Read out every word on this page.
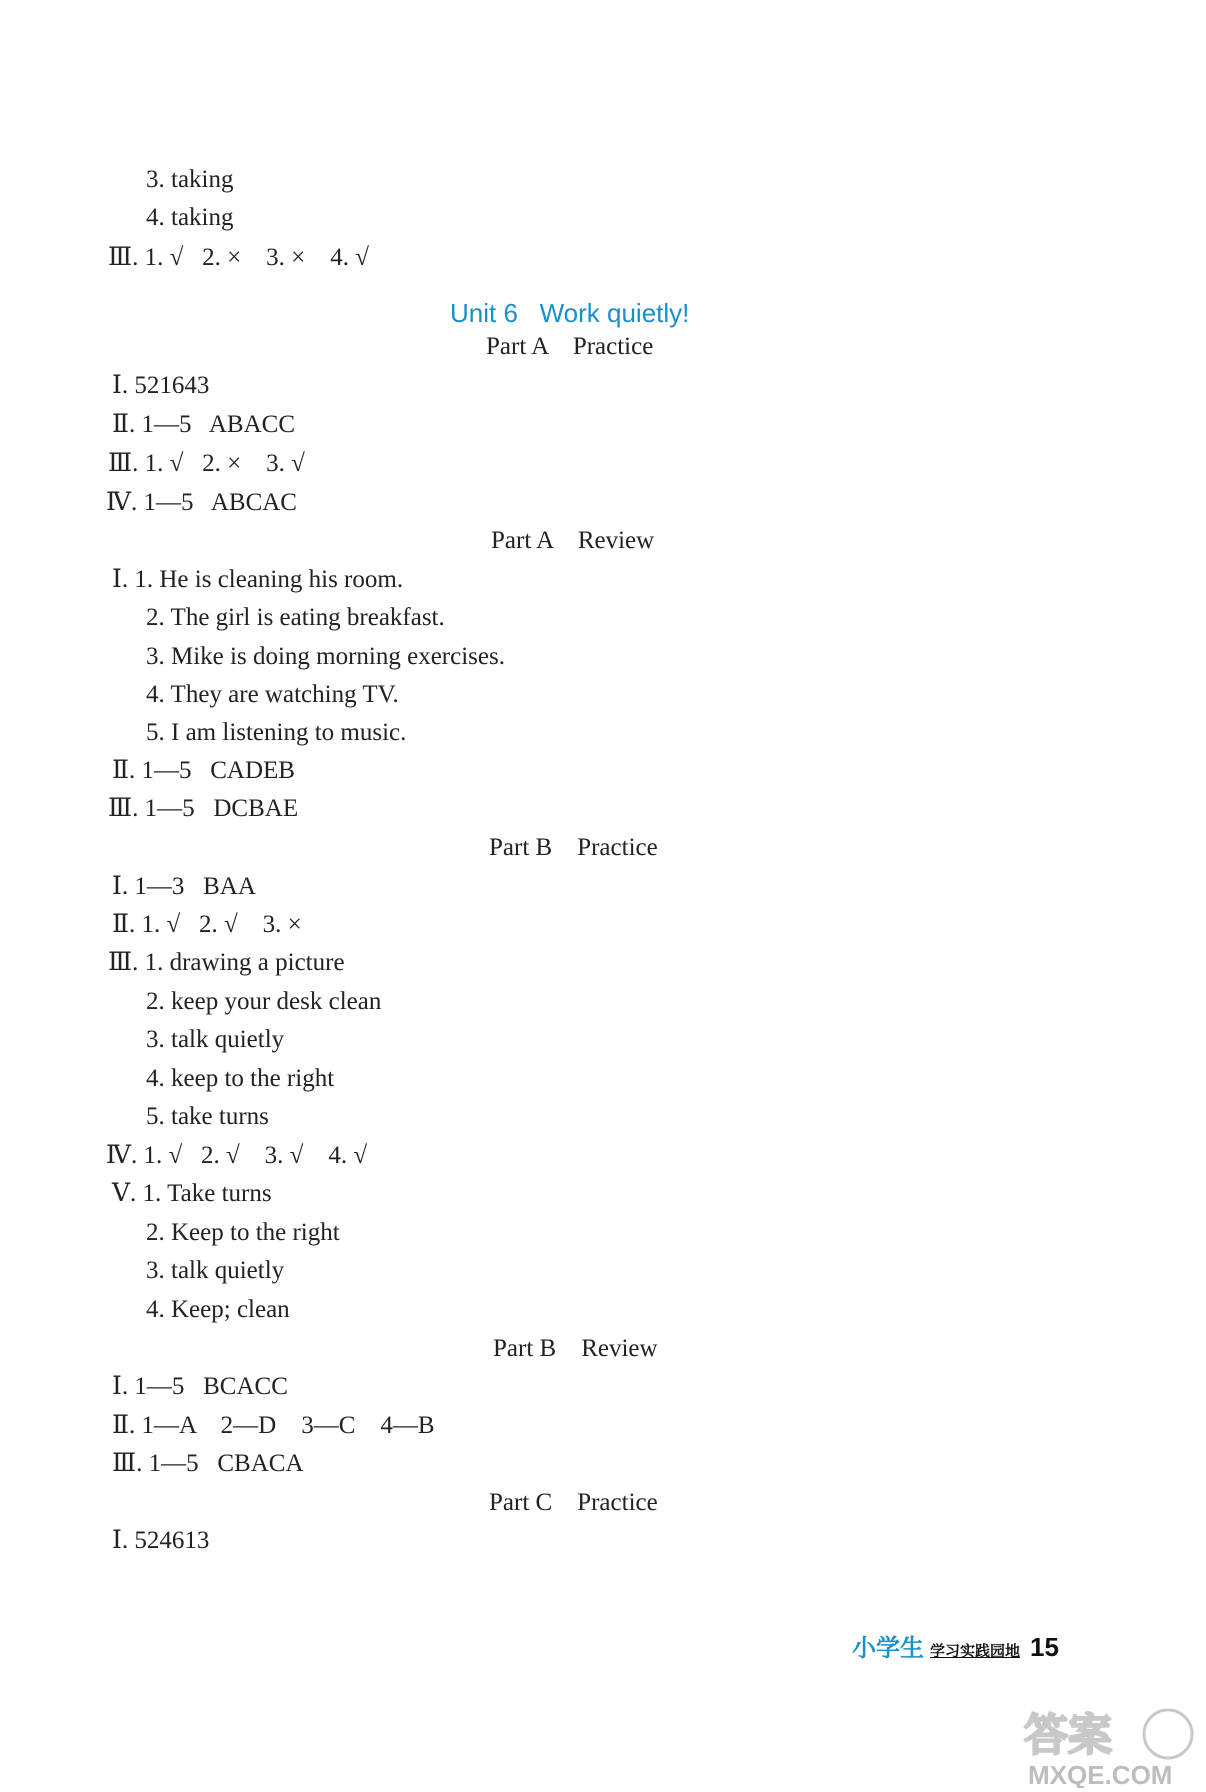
Unit 6   Work quietly!
3. taking
4. taking
Ⅲ. 1. √   2. ×    3. ×    4. √
Ⅰ. 521643
Ⅱ. 1—5   ABACC
Ⅲ. 1. √   2. ×    3. √
Ⅳ. 1—5   ABCAC
Ⅰ. 1. He is cleaning his room.
2. The girl is eating breakfast.
3. Mike is doing morning exercises.
4. They are watching TV.
5. I am listening to music.
Ⅱ. 1—5   CADEB
Ⅲ. 1—5   DCBAE
Ⅰ. 1—3   BAA
Ⅱ. 1. √   2. √    3. ×
Ⅲ. 1. drawing a picture
2. keep your desk clean
3. talk quietly
4. keep to the right
5. take turns
Ⅳ. 1. √   2. √    3. √    4. √
Ⅴ. 1. Take turns
2. Keep to the right
3. talk quietly
4. Keep; clean
Ⅰ. 1—5   BCACC
Ⅱ. 1—A    2—D    3—C    4—B
Ⅲ. 1—5   CBACA
Ⅰ. 524613
Part A    Practice
Part A    Review
Part B    Practice
Part B    Review
Part C    Practice
小学生 学习实践园地 15
答案
MXQE.COM
